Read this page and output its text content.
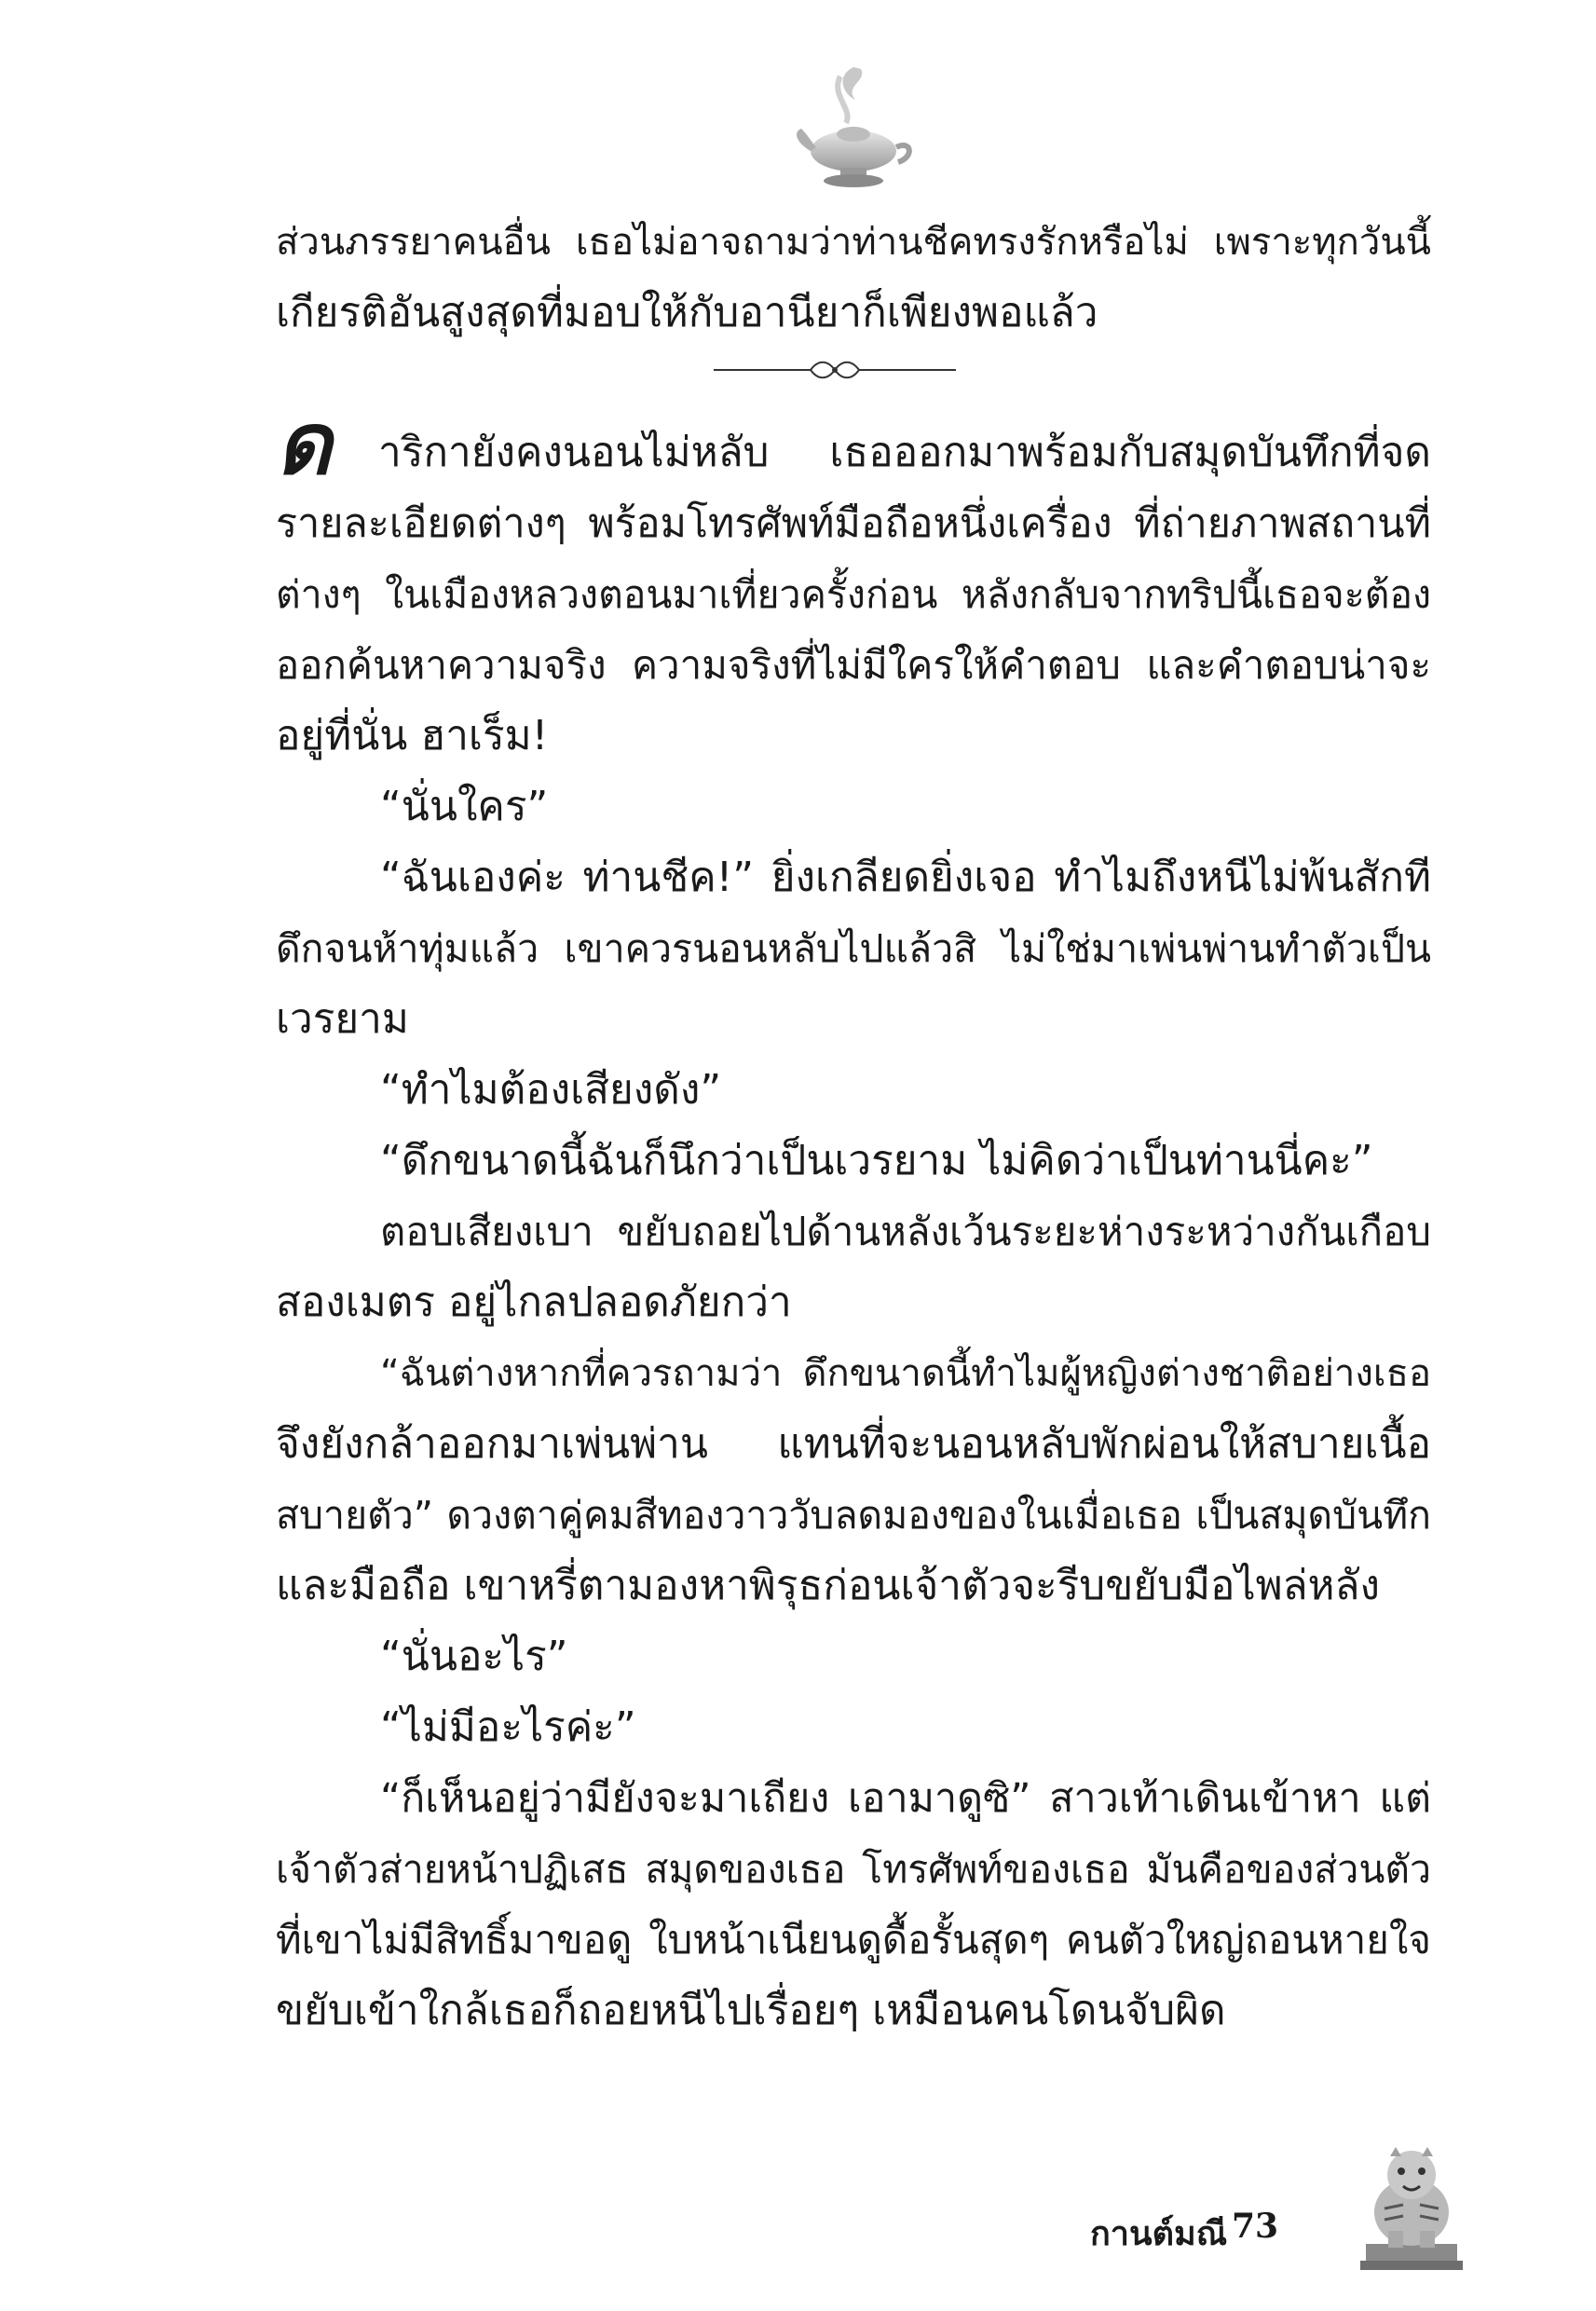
ส่วนภรรยาคนอื่น เธอไม่อาจถามว่าท่านชีคทรงรักหรือไม่ เพราะทุกวันนี้
เกียรติอันสูงสุดที่มอบให้กับอานียาก็เพียงพอแล้ว
ด าริกายังคงนอนไม่หลับ เธอออกมาพร้อมกับสมุดบันทึกที่จด
รายละเอียดต่างๆ พร้อมโทรศัพท์มือถือหนึ่งเครื่อง ที่ถ่ายภาพสถานที่
ต่างๆ ในเมืองหลวงตอนมาเที่ยวครั้งก่อน หลังกลับจากทริปนี้เธอจะต้อง
ออกค้นหาความจริง ความจริงที่ไม่มีใครให้คำตอบ และคำตอบน่าจะ
อยู่ที่นั่น ฮาเร็ม!
“นั่นใคร”
“ฉันเองค่ะ ท่านชีค!” ยิ่งเกลียดยิ่งเจอ ทำไมถึงหนีไม่พ้นสักที
ดึกจนห้าทุ่มแล้ว เขาควรนอนหลับไปแล้วสิ ไม่ใช่มาเพ่นพ่านทำตัวเป็น
เวรยาม
“ทำไมต้องเสียงดัง”
“ดึกขนาดนี้ฉันก็นึกว่าเป็นเวรยาม ไม่คิดว่าเป็นท่านนี่คะ”
ตอบเสียงเบา ขยับถอยไปด้านหลังเว้นระยะห่างระหว่างกันเกือบ
สองเมตร อยู่ไกลปลอดภัยกว่า
“ฉันต่างหากที่ควรถามว่า ดึกขนาดนี้ทำไมผู้หญิงต่างชาติอย่างเธอ
จึงยังกล้าออกมาเพ่นพ่าน แทนที่จะนอนหลับพักผ่อนให้สบายเนื้อ
สบายตัว” ดวงตาคู่คมสีทองวาววับลดมองของในเมื่อเธอ เป็นสมุดบันทึก
และมือถือ เขาหรี่ตามองหาพิรุธก่อนเจ้าตัวจะรีบขยับมือไพล่หลัง
“นั่นอะไร”
“ไม่มีอะไรค่ะ”
“ก็เห็นอยู่ว่ามียังจะมาเถียง เอามาดูซิ” สาวเท้าเดินเข้าหา แต่
เจ้าตัวส่ายหน้าปฏิเสธ สมุดของเธอ โทรศัพท์ของเธอ มันคือของส่วนตัว
ที่เขาไม่มีสิทธิ์มาขอดู ใบหน้าเนียนดูดื้อรั้นสุดๆ คนตัวใหญ่ถอนหายใจ
ขยับเข้าใกล้เธอก็ถอยหนีไปเรื่อยๆ เหมือนคนโดนจับผิด
กานต์มณี 73
